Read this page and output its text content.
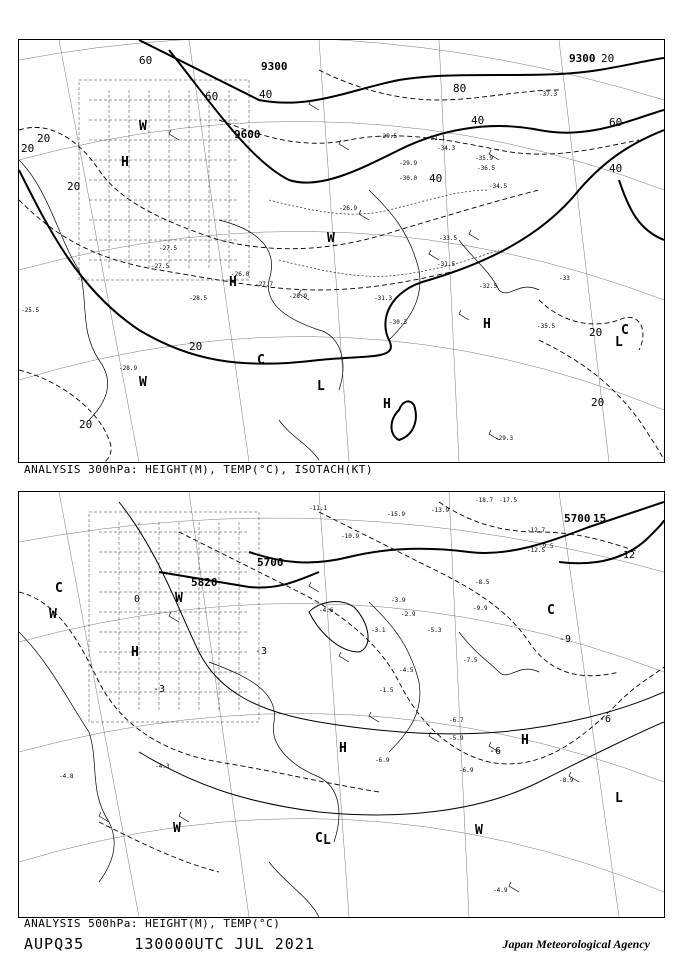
9300
9600
9300
20
20
20
40
40
60
60
60
80
40
40
20
20
20
20
20
H
H
H
H
C
L
C
L
W
W
W
-29.5	-31.1
-34.3
-35.9
-36.5
-34.5
-33.5
-31.5
-32.5
-30.3
-31.3
-28.5
-27.5
-25.5
-26.0
-27.7
-28.9
-29.3
-33
-35.5
-37.3
-29.9
-30.0
-26.9
-28.9
-27.5
ANALYSIS 300hPa: HEIGHT(M), TEMP(°C), ISOTACH(KT)
5700
5700
5820
15
-12
-9
-6
-6
-3
-3
0
C
W
H
H
C
H
L
L
W
W
W
C
-18.7 -17.5
-15.9
-13.9
-12.5
-12.7
-11.1
-10.9
-9.9
-8.5
-7.5
-6.9
-5.9
-5.3
-4.5
-4.6
-4.9
-3.9
-3.1
-2.9
-1.5
-9.5
-8.9
-6.9
-6.7
-4.8
-4.3
ANALYSIS 500hPa: HEIGHT(M), TEMP(°C)
AUPQ35     130000UTC JUL 2021	Japan Meteorological Agency
